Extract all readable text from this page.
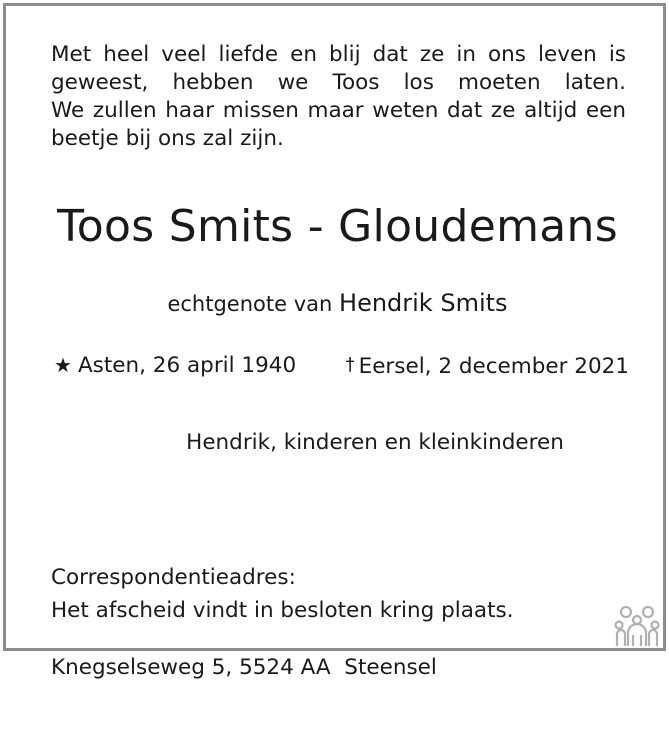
Met heel veel liefde en blij dat ze in ons leven is
geweest, hebben we Toos los moeten laten.
We zullen haar missen maar weten dat ze altijd een
beetje bij ons zal zijn.

Toos Smits - Gloudemans
echtgenote van Hendrik Smits
★ Asten, 26 april 1940	† Eersel, 2 december 2021
Hendrik, kinderen en kleinkinderen

Correspondentieadres:

Knegselseweg 5, 5524 AA  Steensel

Het afscheid vindt in besloten kring plaats.
